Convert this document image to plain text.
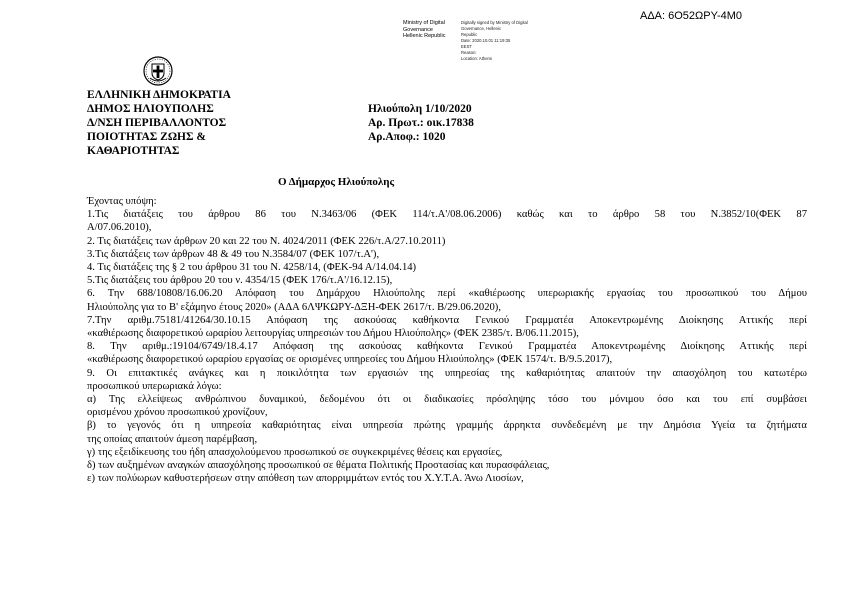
ΑΔΑ: 6Ο52ΩΡΥ-4Μ0
Ministry of Digital
Governance
Hellenic Republic
Digitally signed by Ministry of Digital
Governance, Hellenic
Republic
Date: 2020.10.01 11:19:35
EEST
Reason:
Location: Athens
ΕΛΛΗΝΙΚΗ ΔΗΜΟΚΡΑΤΙΑ
ΔΗΜΟΣ ΗΛΙΟΥΠΟΛΗΣ
Δ/ΝΣΗ ΠΕΡΙΒΑΛΛΟΝΤΟΣ
ΠΟΙΟΤΗΤΑΣ ΖΩΗΣ &
ΚΑΘΑΡΙΟΤΗΤΑΣ
Ηλιούπολη 1/10/2020
Αρ. Πρωτ.: οικ.17838
Αρ.Αποφ.: 1020
Ο Δήμαρχος Ηλιούπολης

Έχοντας υπόψη:

1.Τις διατάξεις του άρθρου 86 του Ν.3463/06 (ΦΕΚ 114/τ.Α'/08.06.2006) καθώς και το άρθρο 58 του Ν.3852/10(ΦΕΚ 87

Α/07.06.2010),

2. Τις διατάξεις των άρθρων 20 και 22 του Ν. 4024/2011 (ΦΕΚ 226/τ.Α/27.10.2011)

3.Τις διατάξεις των άρθρων 48 & 49 του Ν.3584/07 (ΦΕΚ 107/τ.Α'),

4. Τις διατάξεις της § 2 του άρθρου 31 του Ν. 4258/14, (ΦΕΚ-94 Α/14.04.14)

5.Τις διατάξεις του άρθρου 20 του ν. 4354/15 (ΦΕΚ 176/τ.Α'/16.12.15),

6. Την 688/10808/16.06.20 Απόφαση του Δημάρχου Ηλιούπολης περί «καθιέρωσης υπερωριακής εργασίας του προσωπικού του Δήμου

Ηλιούπολης για το Β' εξάμηνο έτους 2020» (ΑΔΑ 6ΛΨΚΩΡΥ-ΔΞΗ-ΦΕΚ 2617/τ. Β/29.06.2020),

7.Την αριθμ.75181/41264/30.10.15 Απόφαση της ασκούσας καθήκοντα Γενικού Γραμματέα Αποκεντρωμένης Διοίκησης Αττικής περί

«καθιέρωσης διαφορετικού ωραρίου λειτουργίας υπηρεσιών του Δήμου Ηλιούπολης» (ΦΕΚ 2385/τ. Β/06.11.2015),

8. Την αριθμ.:19104/6749/18.4.17 Απόφαση της ασκούσας καθήκοντα Γενικού Γραμματέα Αποκεντρωμένης Διοίκησης Αττικής περί

«καθιέρωσης διαφορετικού ωραρίου εργασίας σε ορισμένες υπηρεσίες του Δήμου Ηλιούπολης» (ΦΕΚ 1574/τ. Β/9.5.2017),

9. Οι επιτακτικές ανάγκες και η ποικιλότητα των εργασιών της υπηρεσίας της καθαριότητας απαιτούν την απασχόληση του κατωτέρω

προσωπικού υπερωριακά λόγω:

α) Της ελλείψεως ανθρώπινου δυναμικού, δεδομένου ότι οι διαδικασίες πρόσληψης τόσο του μόνιμου όσο και του επί συμβάσει

ορισμένου χρόνου προσωπικού χρονίζουν,

β) το γεγονός ότι η υπηρεσία καθαριότητας είναι υπηρεσία πρώτης γραμμής άρρηκτα συνδεδεμένη με την Δημόσια Υγεία τα ζητήματα

της οποίας απαιτούν άμεση παρέμβαση,

γ) της εξειδίκευσης του ήδη απασχολούμενου προσωπικού σε συγκεκριμένες θέσεις και εργασίες,

δ) των αυξημένων αναγκών απασχόλησης προσωπικού σε θέματα Πολιτικής Προστασίας και πυρασφάλειας,

ε) των πολύωρων καθυστερήσεων στην απόθεση των απορριμμάτων εντός του Χ.Υ.Τ.Α. Άνω Λιοσίων,
